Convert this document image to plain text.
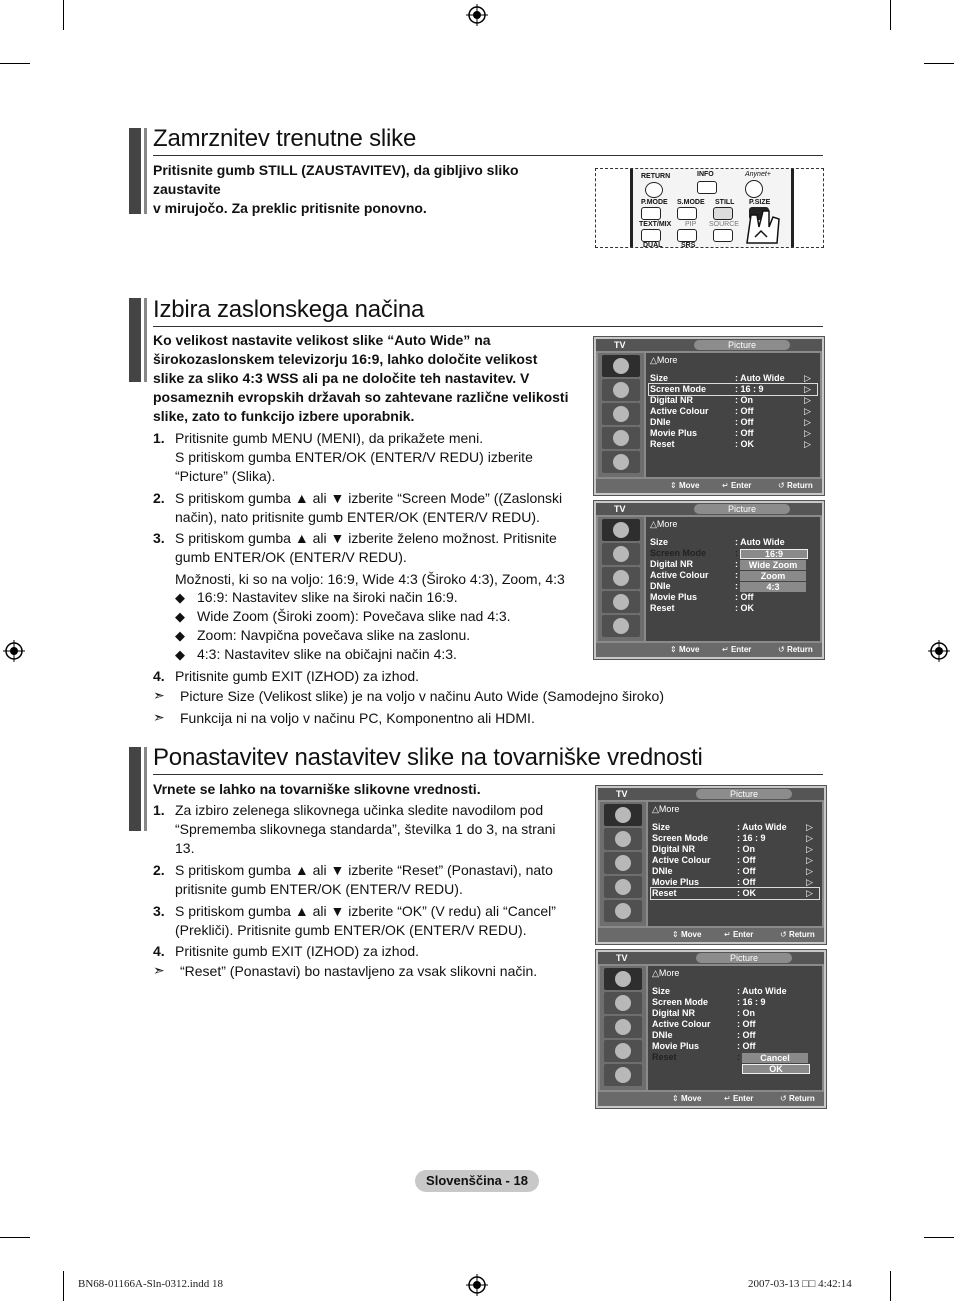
Zamrznitev trenutne slike
Pritisnite gumb STILL (ZAUSTAVITEV), da gibljivo sliko
zaustavite
v mirujočo. Za preklic pritisnite ponovno.
RETURN	INFO	Anynet+
P.MODE S.MODE STILL P.SIZE
TEXT/MIX PIP SOURCE
DUAL	SRS
Izbira zaslonskega načina
Ko velikost nastavite velikost slike “Auto Wide” na
širokozaslonskem televizorju 16:9, lahko določite velikost
slike za sliko 4:3 WSS ali pa ne določite teh nastavitev. V
posameznih evropskih državah so zahtevane različne velikosti
slike, zato to funkcijo izbere uporabnik.
1. Pritisnite gumb MENU (MENI), da prikažete meni.
S pritiskom gumba ENTER/OK (ENTER/V REDU) izberite
“Picture” (Slika).
2. S pritiskom gumba ▲ ali ▼ izberite “Screen Mode” ((Zaslonski
način), nato pritisnite gumb ENTER/OK (ENTER/V REDU).
3. S pritiskom gumba ▲ ali ▼ izberite želeno možnost. Pritisnite
gumb ENTER/OK (ENTER/V REDU).
Možnosti, ki so na voljo: 16:9, Wide 4:3 (Široko 4:3), Zoom, 4:3
◆ 16:9: Nastavitev slike na široki način 16:9.
◆ Wide Zoom (Široki zoom): Povečava slike nad 4:3.
◆ Zoom: Navpična povečava slike na zaslonu.
◆ 4:3: Nastavitev slike na običajni način 4:3.
4. Pritisnite gumb EXIT (IZHOD) za izhod.
➣ Picture Size (Velikost slike) je na voljo v načinu Auto Wide (Samodejno široko)
➣ Funkcija ni na voljo v načinu PC, Komponentno ali HDMI.
TV	Picture
△More
Size	: Auto Wide ▷
Screen Mode	: 16 : 9	▷
Digital NR	: On	▷
Active Colour	: Off	▷
DNIe	: Off	▷
Movie Plus	: Off	▷
Reset	: OK	▷
⇕ Move	↵ Enter	↺ Return
TV	Picture
△More
Size	: Auto Wide
Screen Mode	:
Digital NR	:
Active Colour	:
DNIe	:
Movie Plus	: Off
Reset	: OK
16:9
Wide Zoom
Zoom
4:3
⇕ Move	↵ Enter	↺ Return
Ponastavitev nastavitev slike na tovarniške vrednosti
Vrnete se lahko na tovarniške slikovne vrednosti.
1. Za izbiro zelenega slikovnega učinka sledite navodilom pod
“Sprememba slikovnega standarda”, številka 1 do 3, na strani
13.
2. S pritiskom gumba ▲ ali ▼ izberite “Reset” (Ponastavi), nato
pritisnite gumb ENTER/OK (ENTER/V REDU).
3. S pritiskom gumba ▲ ali ▼ izberite “OK” (V redu) ali “Cancel”
(Prekliči). Pritisnite gumb ENTER/OK (ENTER/V REDU).
4. Pritisnite gumb EXIT (IZHOD) za izhod.
➣ “Reset” (Ponastavi) bo nastavljeno za vsak slikovni način.
TV	Picture
△More
Size	: Auto Wide ▷
Screen Mode	: 16 : 9	▷
Digital NR	: On	▷
Active Colour	: Off	▷
DNIe	: Off	▷
Movie Plus	: Off	▷
Reset	: OK	▷
⇕ Move	↵ Enter	↺ Return
TV	Picture
△More
Size	: Auto Wide
Screen Mode	: 16 : 9
Digital NR	: On
Active Colour	: Off
DNIe	: Off
Movie Plus	: Off
Reset	:	Cancel
OK
⇕ Move	↵ Enter	↺ Return
Slovenščina - 18
BN68-01166A-Sln-0312.indd 18	2007-03-13 □□ 4:42:14
